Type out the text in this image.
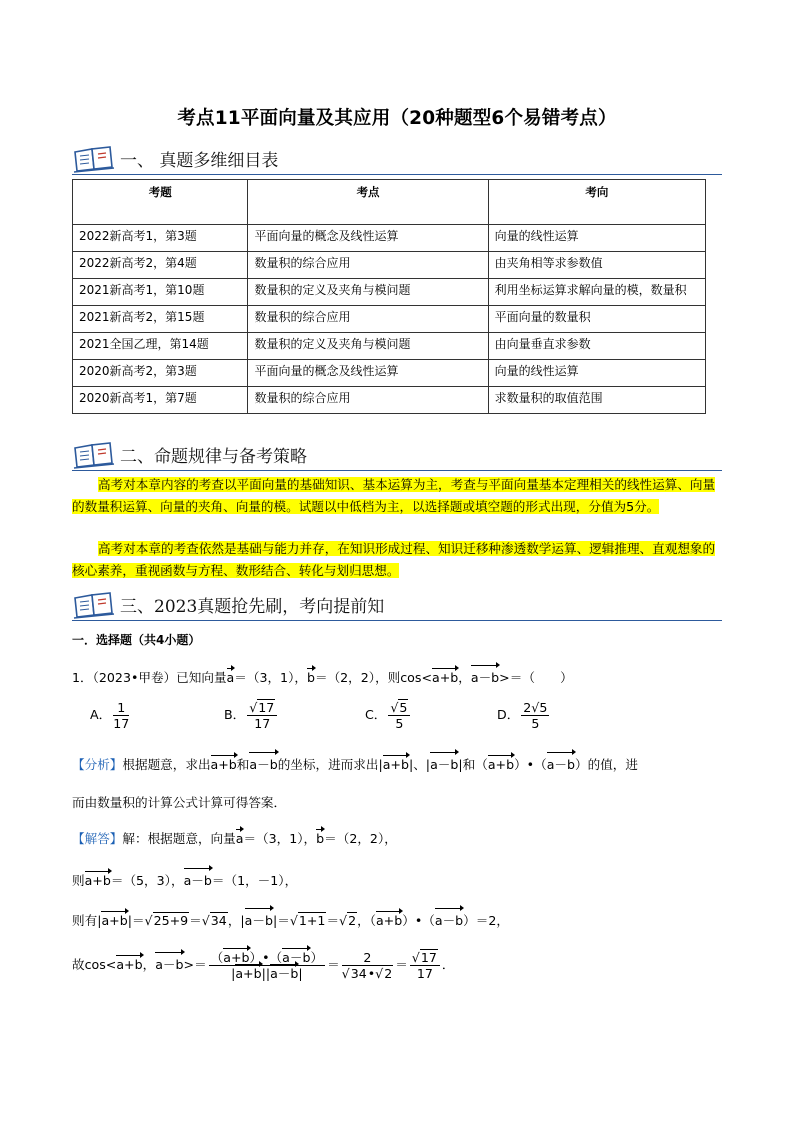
考点11平面向量及其应用（20种题型6个易错考点）
一、 真题多维细目表
考题	考点	考向
2022新高考1，第3题	平面向量的概念及线性运算	向量的线性运算
2022新高考2，第4题	数量积的综合应用	由夹角相等求参数值
2021新高考1，第10题	数量积的定义及夹角与模问题	利用坐标运算求解向量的模，数量积
2021新高考2，第15题	数量积的综合应用	平面向量的数量积
2021全国乙理，第14题	数量积的定义及夹角与模问题	由向量垂直求参数
2020新高考2，第3题	平面向量的概念及线性运算	向量的线性运算
2020新高考1，第7题	数量积的综合应用	求数量积的取值范围
二、命题规律与备考策略
高考对本章内容的考查以平面向量的基础知识、基本运算为主，考查与平面向量基本定理相关的线性运算、向量的数量积运算、向量的夹角、向量的模。试题以中低档为主，以选择题或填空题的形式出现，分值为5分。
高考对本章的考查依然是基础与能力并存，在知识形成过程、知识迁移种渗透数学运算、逻辑推理、直观想象的核心素养，重视函数与方程、数形结合、转化与划归思想。
三、2023真题抢先刷，考向提前知
一．选择题（共4小题）
1．（2023•甲卷）已知向量a＝（3，1），b＝（2，2），则cos<a+b，a－b>＝（　　）
A． $\frac{1}{17}$	B． $\frac{√17}{17}$	C． $\frac{√5}{5}$	D． $\frac{2√5}{5}$
【分析】根据题意，求出a+b和a－b的坐标，进而求出|a+b|、|a－b|和（a+b）•（a－b）的值，进
而由数量积的计算公式计算可得答案．
【解答】解：根据题意，向量a＝（3，1），b＝（2，2），
则a+b＝（5，3），a－b＝（1，－1），
则有|a+b|＝√25+9＝√34，|a－b|＝√1+1＝√2，（a+b）•（a－b）＝2，
故cos<a+b，$a-b>= \frac{(a+b)•(a-b)}{|a+b||a-b|} = \frac{2}{√34•√2} = \frac{√17}{17}$ ．
